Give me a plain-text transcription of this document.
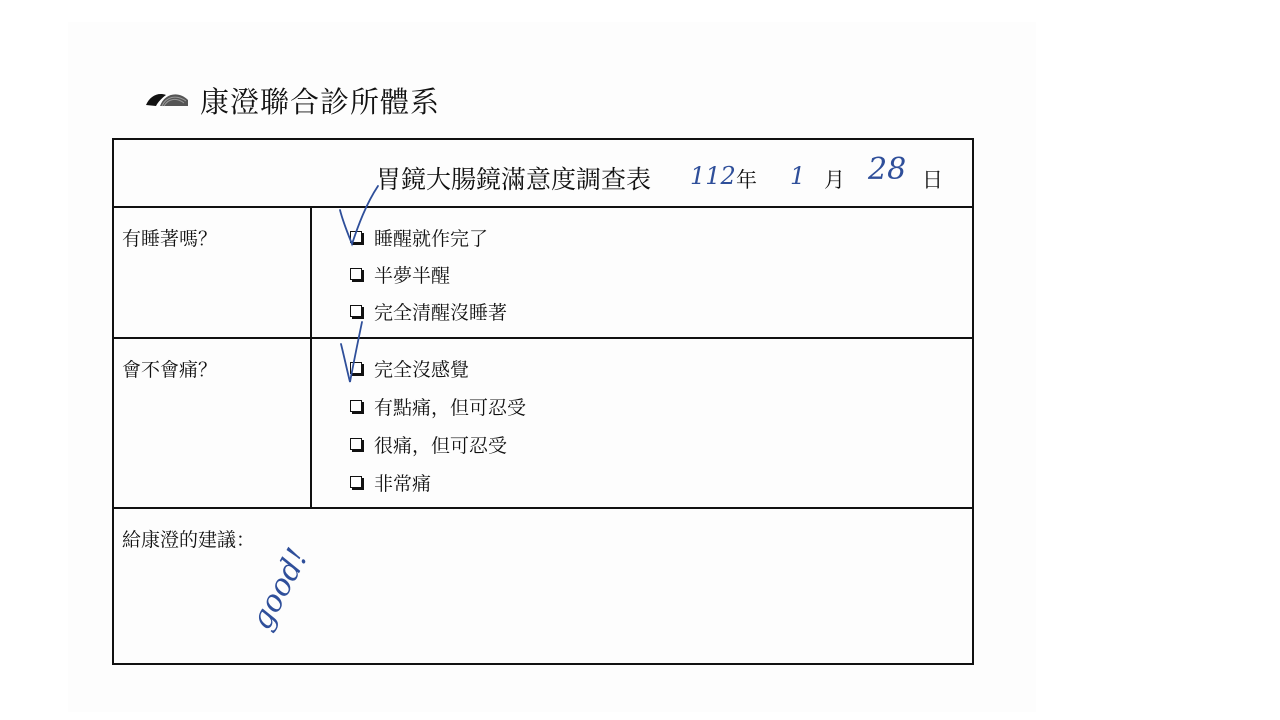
康澄聯合診所體系
胃鏡大腸鏡滿意度調查表 112 年 1 月 28 日
有睡著嗎？	睡醒就作完了
半夢半醒
完全清醒沒睡著
會不會痛？	完全沒感覺
有點痛，但可忍受
很痛，但可忍受
非常痛
給康澄的建議：
good!
